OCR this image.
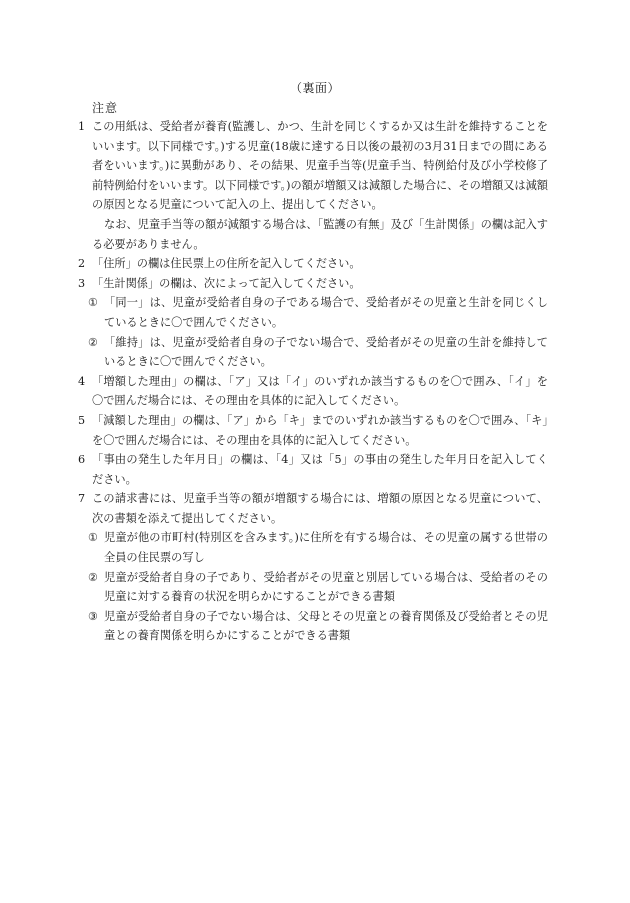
（裏面）
注意
1 この用紙は、受給者が養育(監護し、かつ、生計を同じくするか又は生計を維持することをいいます。以下同様です。)する児童(18歳に達する日以後の最初の3月31日までの間にある者をいいます。)に異動があり、その結果、児童手当等(児童手当、特例給付及び小学校修了前特例給付をいいます。以下同様です。)の額が増額又は減額した場合に、その増額又は減額の原因となる児童について記入の上、提出してください。
なお、児童手当等の額が減額する場合は、「監護の有無」及び「生計関係」の欄は記入する必要がありません。
2 「住所」の欄は住民票上の住所を記入してください。
3 「生計関係」の欄は、次によって記入してください。
① 「同一」は、児童が受給者自身の子である場合で、受給者がその児童と生計を同じくしているときに〇で囲んでください。
② 「維持」は、児童が受給者自身の子でない場合で、受給者がその児童の生計を維持しているときに〇で囲んでください。
4 「増額した理由」の欄は、「ア」又は「イ」のいずれか該当するものを〇で囲み、「イ」を〇で囲んだ場合には、その理由を具体的に記入してください。
5 「減額した理由」の欄は、「ア」から「キ」までのいずれか該当するものを〇で囲み、「キ」を〇で囲んだ場合には、その理由を具体的に記入してください。
6 「事由の発生した年月日」の欄は、「4」又は「5」の事由の発生した年月日を記入してください。
7 この請求書には、児童手当等の額が増額する場合には、増額の原因となる児童について、次の書類を添えて提出してください。
① 児童が他の市町村(特別区を含みます。)に住所を有する場合は、その児童の属する世帯の全員の住民票の写し
② 児童が受給者自身の子であり、受給者がその児童と別居している場合は、受給者のその児童に対する養育の状況を明らかにすることができる書類
③ 児童が受給者自身の子でない場合は、父母とその児童との養育関係及び受給者とその児童との養育関係を明らかにすることができる書類
